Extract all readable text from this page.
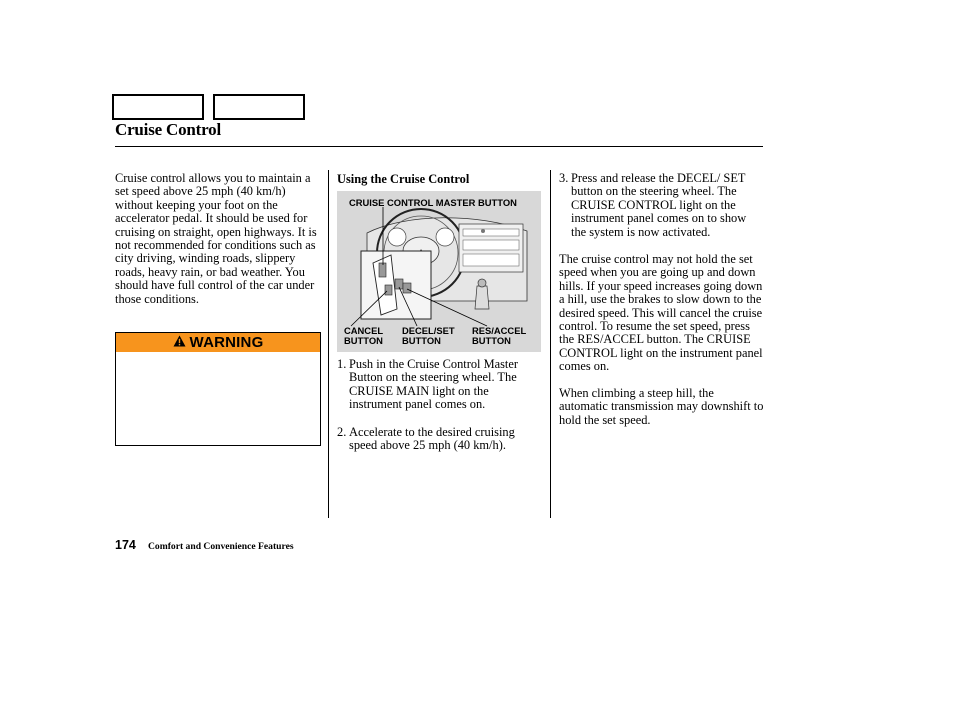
Cruise Control
Cruise control allows you to maintain a set speed above 25 mph (40 km/h) without keeping your foot on the accelerator pedal. It should be used for cruising on straight, open highways. It is not recommended for conditions such as city driving, winding roads, slippery roads, heavy rain, or bad weather. You should have full control of the car under those conditions.
WARNING
Using the Cruise Control
CRUISE CONTROL MASTER BUTTON
CANCEL
BUTTON
DECEL/SET
BUTTON
RES/ACCEL
BUTTON
1. Push in the Cruise Control Master Button on the steering wheel. The CRUISE MAIN light on the instrument panel comes on.
2. Accelerate to the desired cruising speed above 25 mph (40 km/h).
3. Press and release the DECEL/ SET button on the steering wheel. The CRUISE CONTROL light on the instrument panel comes on to show the system is now activated.

The cruise control may not hold the set speed when you are going up and down hills. If your speed increases going down a hill, use the brakes to slow down to the desired speed. This will cancel the cruise control. To resume the set speed, press the RES/ACCEL button. The CRUISE CONTROL light on the instrument panel comes on.

When climbing a steep hill, the automatic transmission may downshift to hold the set speed.

174 Comfort and Convenience Features
